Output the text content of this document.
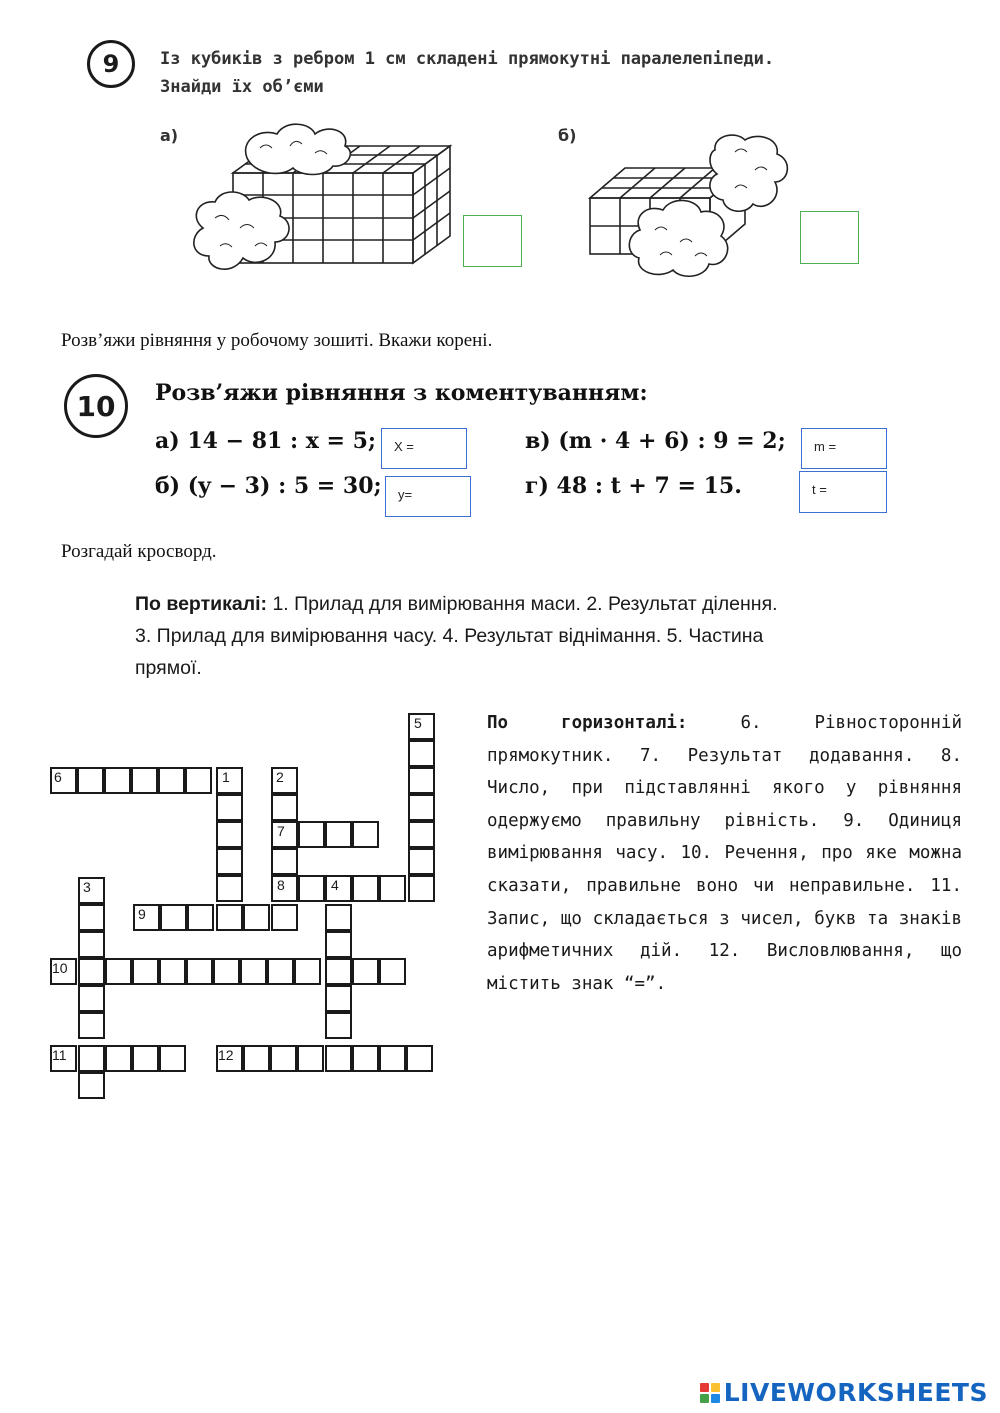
9	Із кубиків з ребром 1 см складені прямокутні паралелепіпеди.
Знайди їх об’єми
а)	б)
Розв’яжи рівняння у робочому зошиті. Вкажи корені.
10	Розв’яжи рівняння з коментуванням:
а) 14 − 81 : x = 5;
б) (y − 3) : 5 = 30;
в) (m · 4 + 6) : 9 = 2;
г) 48 : t + 7 = 15.
X =
y=
m =
t =
Розгадай кросворд.
По вертикалі: 1. Прилад для вимірювання маси. 2. Результат ділення.
3. Прилад для вимірювання часу. 4. Результат віднімання. 5. Частина
прямої.
По горизонталі:	6. Рівносторонній прямокутник. 7. Результат додавання. 8. Число, при підставлянні якого у рівняння одержуємо правильну рівність. 9. Одиниця вимірювання часу. 10. Речення, про яке можна сказати, правильне воно чи неправильне. 11. Запис, що складається з чисел, букв та знаків арифметичних дій. 12. Висловлювання, що містить знак “=”.
5
6	1	2
7
8	4
3
9
10
11	12
LIVEWORKSHEETS
